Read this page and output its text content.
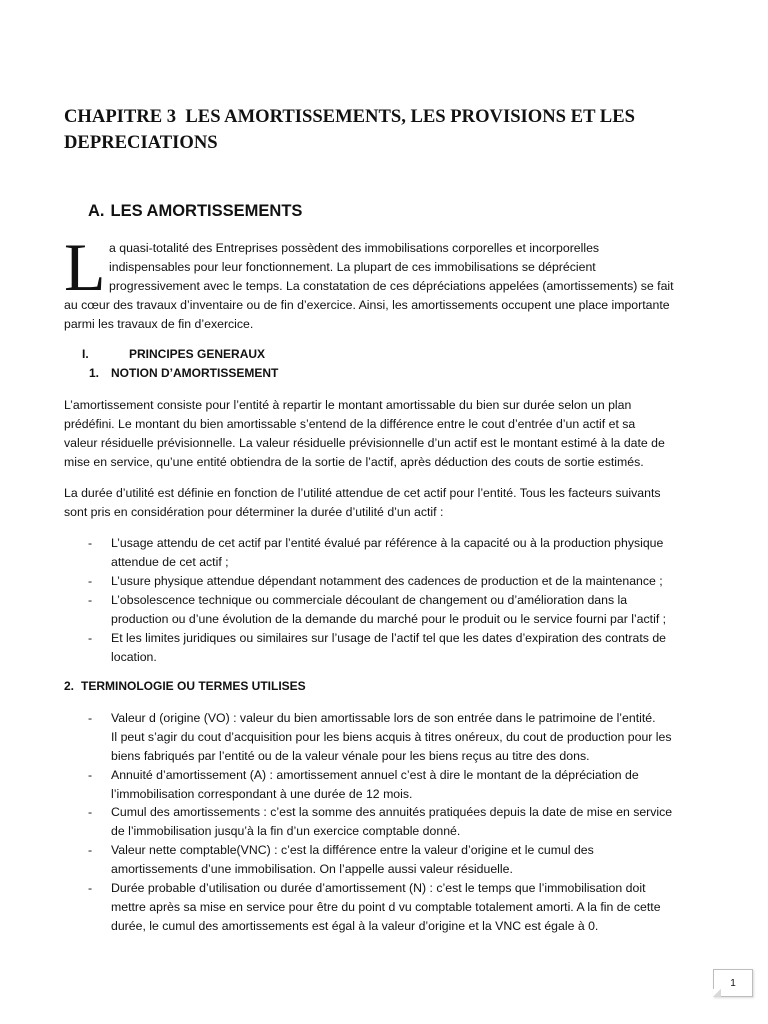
CHAPITRE 3  LES AMORTISSEMENTS, LES PROVISIONS ET LES DEPRECIATIONS
A. LES AMORTISSEMENTS
L a quasi-totalité des Entreprises possèdent des immobilisations corporelles et incorporelles

indispensables pour leur fonctionnement. La plupart de ces immobilisations se déprécient

progressivement avec le temps. La constatation de ces dépréciations appelées (amortissements) se fait

au cœur des travaux d’inventaire ou de fin d’exercice. Ainsi, les amortissements occupent une place importante

parmi les travaux de fin d’exercice.

I.	PRINCIPES GENERAUX
1. NOTION D’AMORTISSEMENT

L’amortissement consiste pour l’entité à repartir le montant amortissable du bien sur durée selon un plan

prédéfini. Le montant du bien amortissable s’entend de la différence entre le cout d’entrée d’un actif et sa

valeur résiduelle prévisionnelle. La valeur résiduelle prévisionnelle d’un actif est le montant estimé à la date de

mise en service, qu’une entité obtiendra de la sortie de l’actif, après déduction des couts de sortie estimés.

La durée d’utilité est définie en fonction de l’utilité attendue de cet actif pour l’entité. Tous les facteurs suivants

sont pris en considération pour déterminer la durée d’utilité d’un actif :

- L’usage attendu de cet actif par l’entité évalué par référence à la capacité ou à la production physique

attendue de cet actif ;

- L’usure physique attendue dépendant notamment des cadences de production et de la maintenance ;

- L’obsolescence technique ou commerciale découlant de changement ou d’amélioration dans la

production ou d’une évolution de la demande du marché pour le produit ou le service fourni par l’actif ;

- Et les limites juridiques ou similaires sur l’usage de l’actif tel que les dates d’expiration des contrats de

location.

2. TERMINOLOGIE OU TERMES UTILISES
- Valeur d (origine (VO) : valeur du bien amortissable lors de son entrée dans le patrimoine de l’entité.

Il peut s’agir du cout d’acquisition pour les biens acquis à titres onéreux, du cout de production pour les

biens fabriqués par l’entité ou de la valeur vénale pour les biens reçus au titre des dons.

- Annuité d’amortissement (A) : amortissement annuel c’est à dire le montant de la dépréciation de

l’immobilisation correspondant à une durée de 12 mois.

- Cumul des amortissements : c’est la somme des annuités pratiquées depuis la date de mise en service

de l’immobilisation jusqu’à la fin d’un exercice comptable donné.

- Valeur nette comptable(VNC) : c’est la différence entre la valeur d’origine et le cumul des

amortissements d’une immobilisation. On l’appelle aussi valeur résiduelle.

- Durée probable d’utilisation ou durée d’amortissement (N) : c’est le temps que l’immobilisation doit

mettre après sa mise en service pour être du point d vu comptable totalement amorti. A la fin de cette

durée, le cumul des amortissements est égal à la valeur d’origine et la VNC est égale à 0.

1
